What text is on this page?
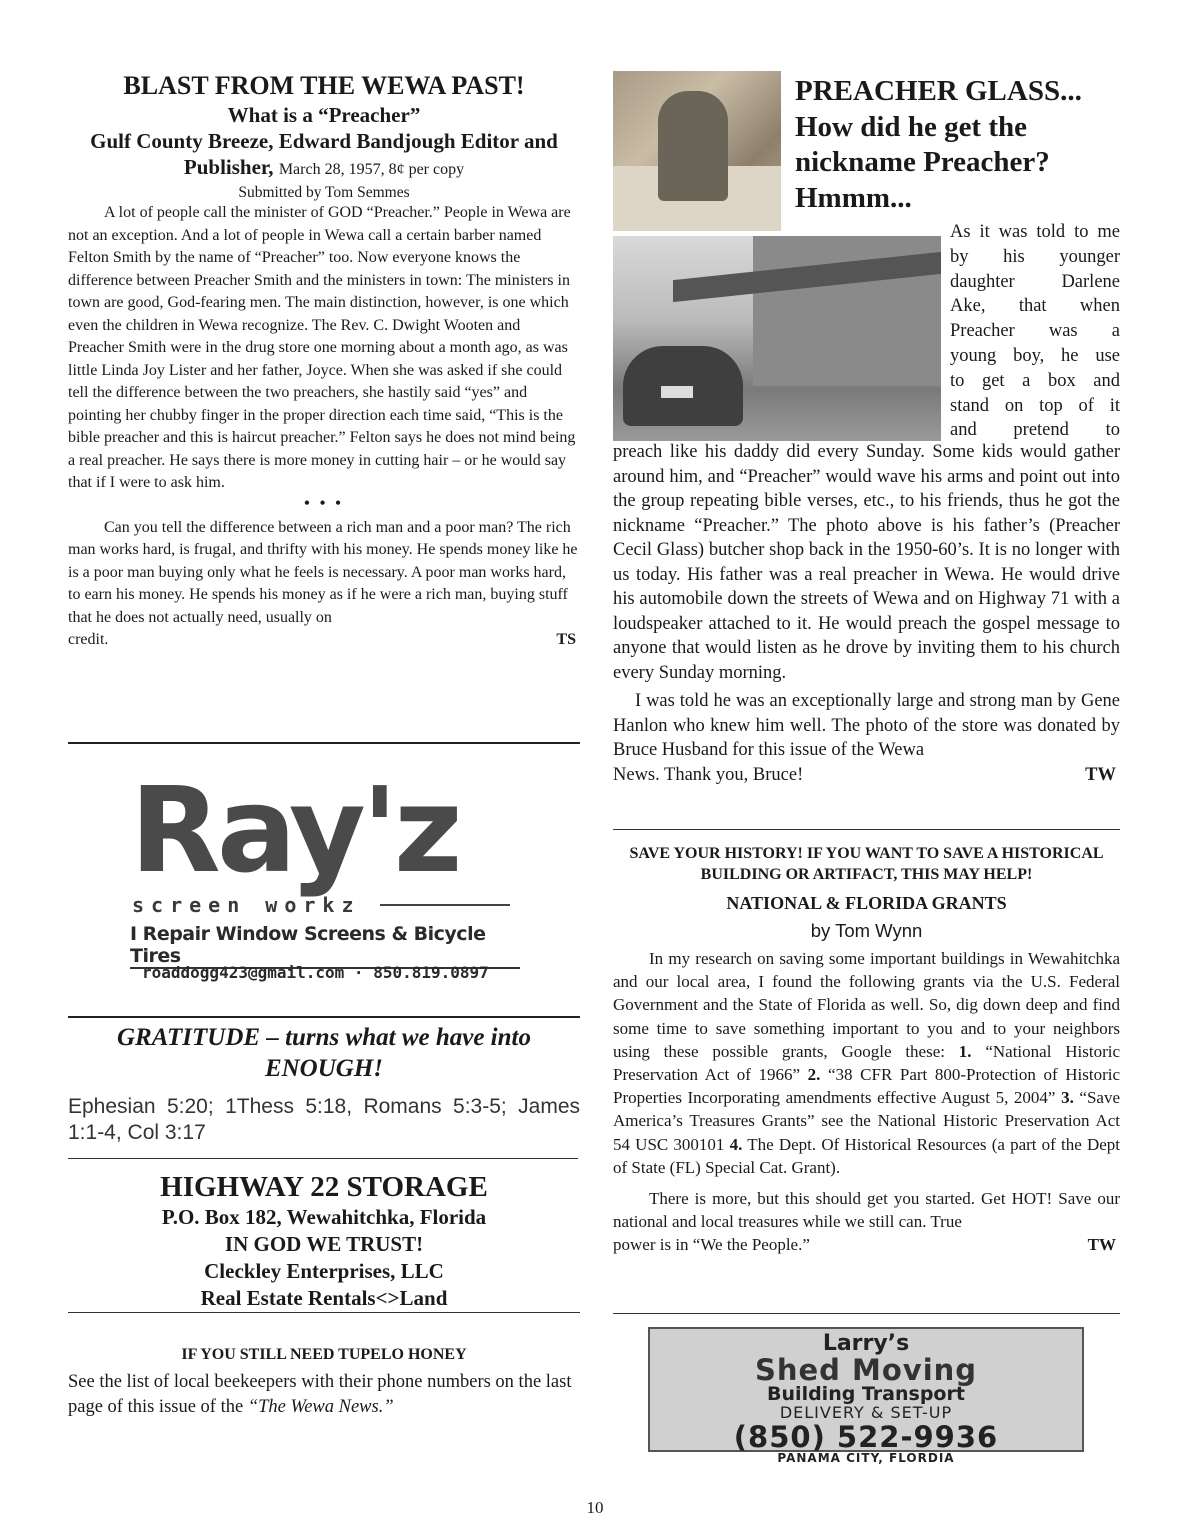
BLAST FROM THE WEWA PAST!
What is a “Preacher”
Gulf County Breeze, Edward Bandjough Editor and Publisher, March 28, 1957, 8¢ per copy
Submitted by Tom Semmes

A lot of people call the minister of GOD “Preacher.” People in Wewa are not an exception. And a lot of people in Wewa call a certain barber named Felton Smith by the name of “Preacher” too. Now everyone knows the difference between Preacher Smith and the ministers in town: The ministers in town are good, God-fearing men. The main distinction, however, is one which even the children in Wewa recognize. The Rev. C. Dwight Wooten and Preacher Smith were in the drug store one morning about a month ago, as was little Linda Joy Lister and her father, Joyce. When she was asked if she could tell the difference between the two preachers, she hastily said “yes” and pointing her chubby finger in the proper direction each time said, “This is the bible preacher and this is haircut preacher.” Felton says he does not mind being a real preacher. He says there is more money in cutting hair – or he would say that if I were to ask him.

• • •

Can you tell the difference between a rich man and a poor man? The rich man works hard, is frugal, and thrifty with his money. He spends money like he is a poor man buying only what he feels is necessary. A poor man works hard, to earn his money. He spends his money as if he were a rich man, buying stuff that he does not actually need, usually on

credit.	TS
Ray'z
screen workz
I Repair Window Screens & Bicycle Tires
roaddogg423@gmail.com · 850.819.0897
GRATITUDE – turns what we have into ENOUGH!
Ephesian 5:20; 1Thess 5:18, Romans 5:3-5; James 1:1-4, Col 3:17
HIGHWAY 22 STORAGE
P.O. Box 182, Wewahitchka, Florida
IN GOD WE TRUST!
Cleckley Enterprises, LLC
Real Estate Rentals<>Land
IF YOU STILL NEED TUPELO HONEY
See the list of local beekeepers with their phone numbers on the last page of this issue of the “The Wewa News.”
PREACHER GLASS... How did he get the nickname Preacher? Hmmm...
As it was told to me
by his younger
daughter Darlene
Ake, that when
Preacher was a
young boy, he use
to get a box and
stand on top of it
and pretend to

preach like his daddy did every Sunday. Some kids would gather around him, and “Preacher” would wave his arms and point out into the group repeating bible verses, etc., to his friends, thus he got the nickname “Preacher.” The photo above is his father’s (Preacher Cecil Glass) butcher shop back in the 1950-60’s. It is no longer with us today. His father was a real preacher in Wewa. He would drive his automobile down the streets of Wewa and on Highway 71 with a loudspeaker attached to it. He would preach the gospel message to anyone that would listen as he drove by inviting them to his church every Sunday morning.

I was told he was an exceptionally large and strong man by Gene Hanlon who knew him well. The photo of the store was donated by Bruce Husband for this issue of the Wewa

News. Thank you, Bruce!	TW
SAVE YOUR HISTORY! IF YOU WANT TO SAVE A HISTORICAL BUILDING OR ARTIFACT, THIS MAY HELP!
NATIONAL & FLORIDA GRANTS
by Tom Wynn

In my research on saving some important buildings in Wewahitchka and our local area, I found the following grants via the U.S. Federal Government and the State of Florida as well. So, dig down deep and find some time to save something important to you and to your neighbors using these possible grants, Google these: 1. “National Historic Preservation Act of 1966” 2. “38 CFR Part 800-Protection of Historic Properties Incorporating amendments effective August 5, 2004” 3. “Save America’s Treasures Grants” see the National Historic Preservation Act 54 USC 300101 4. The Dept. Of Historical Resources (a part of the Dept of State (FL) Special Cat. Grant).

There is more, but this should get you started. Get HOT! Save our national and local treasures while we still can. True

power is in “We the People.”	TW
Larry’s
Shed Moving
Building Transport
DELIVERY & SET-UP
(850) 522-9936
PANAMA CITY, FLORDIA
10
